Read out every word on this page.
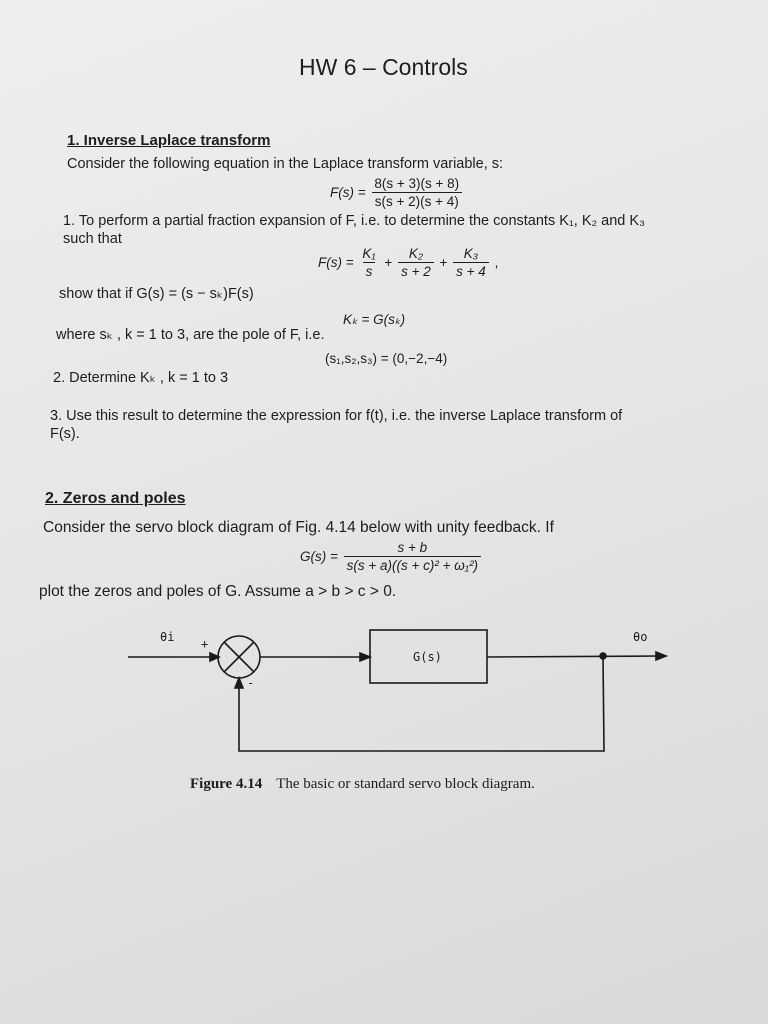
HW 6 – Controls
1. Inverse Laplace transform
Consider the following equation in the Laplace transform variable, s:
$F(s) = \frac{8(s + 3)(s + 8)}{s(s + 2)(s + 4)}$
1. To perform a partial fraction expansion of F, i.e. to determine the constants K₁, K₂ and K₃
such that
$F(s) = \frac{\text{K₁}}{s} + \frac{\text{K₂}}{s + 2} + \frac{\text{K₃}}{s + 4}$ ,
show that if G(s) = (s − sₖ)F(s)
Kₖ = G(sₖ)
where sₖ , k = 1 to 3, are the pole of F, i.e.
(s₁,s₂,s₃) = (0,−2,−4)
2. Determine Kₖ , k = 1 to 3
3. Use this result to determine the expression for f(t), i.e. the inverse Laplace transform of
F(s).
2. Zeros and poles
Consider the servo block diagram of Fig. 4.14 below with unity feedback. If
$G(s) = \frac{s + b}{\text{s(s + a)((s + c)² + ω₁²)}}$
plot the zeros and poles of G. Assume a > b > c > 0.
θi +
-
G(s)
θo
Figure 4.14 The basic or standard servo block diagram.
